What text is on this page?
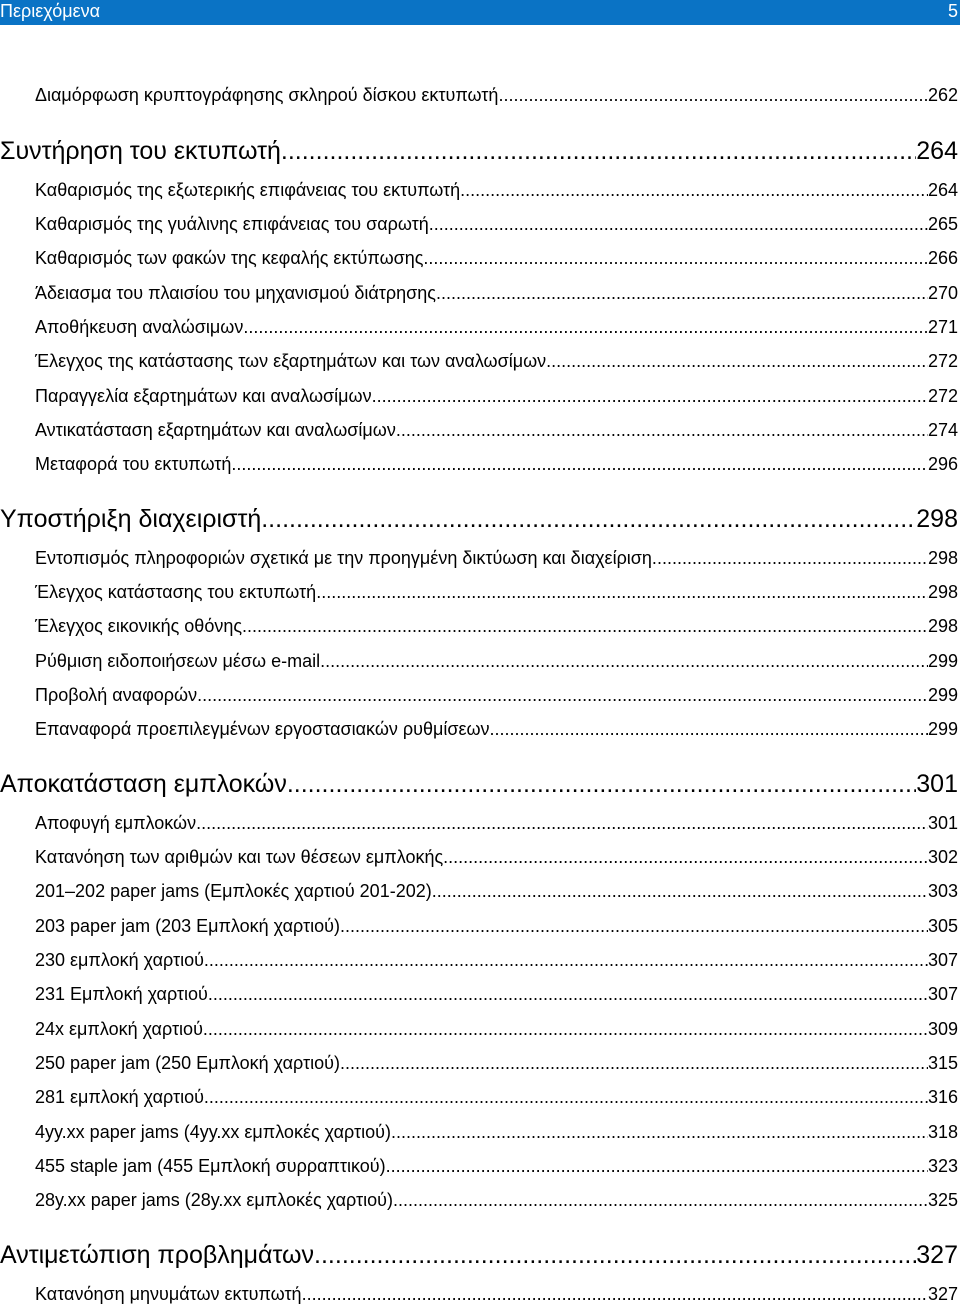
Περιεχόμενα	5
Διαμόρφωση κρυπτογράφησης σκληρού δίσκου εκτυπωτή .....	262
Συντήρηση του εκτυπωτή .....	264
Καθαρισμός της εξωτερικής επιφάνειας του εκτυπωτή .....	264
Καθαρισμός της γυάλινης επιφάνειας του σαρωτή .....	265
Καθαρισμός των φακών της κεφαλής εκτύπωσης .....	266
Άδειασμα του πλαισίου του μηχανισμού διάτρησης .....	270
Αποθήκευση αναλώσιμων .....	271
Έλεγχος της κατάστασης των εξαρτημάτων και των αναλωσίμων .....	272
Παραγγελία εξαρτημάτων και αναλωσίμων .....	272
Αντικατάσταση εξαρτημάτων και αναλωσίμων .....	274
Μεταφορά του εκτυπωτή .....	296
Υποστήριξη διαχειριστή .....	298
Εντοπισμός πληροφοριών σχετικά με την προηγμένη δικτύωση και διαχείριση. .....	298
Έλεγχος κατάστασης του εκτυπωτή .....	298
Έλεγχος εικονικής οθόνης .....	298
Ρύθμιση ειδοποιήσεων μέσω e-mail .....	299
Προβολή αναφορών .....	299
Επαναφορά προεπιλεγμένων εργοστασιακών ρυθμίσεων .....	299
Αποκατάσταση εμπλοκών .....	301
Αποφυγή εμπλοκών .....	301
Κατανόηση των αριθμών και των θέσεων εμπλοκής .....	302
201–202 paper jams (Εμπλοκές χαρτιού 201-202) .....	303
203 paper jam (203 Εμπλοκή χαρτιού) .....	305
230 εμπλοκή χαρτιού .....	307
231 Εμπλοκή χαρτιού .....	307
24x εμπλοκή χαρτιού .....	309
250 paper jam (250 Εμπλοκή χαρτιού) .....	315
281 εμπλοκή χαρτιού .....	316
4yy.xx paper jams (4yy.xx εμπλοκές χαρτιού) .....	318
455 staple jam (455 Εμπλοκή συρραπτικού) .....	323
28y.xx paper jams (28y.xx εμπλοκές χαρτιού) .....	325
Αντιμετώπιση προβλημάτων .....	327
Κατανόηση μηνυμάτων εκτυπωτή .....	327
